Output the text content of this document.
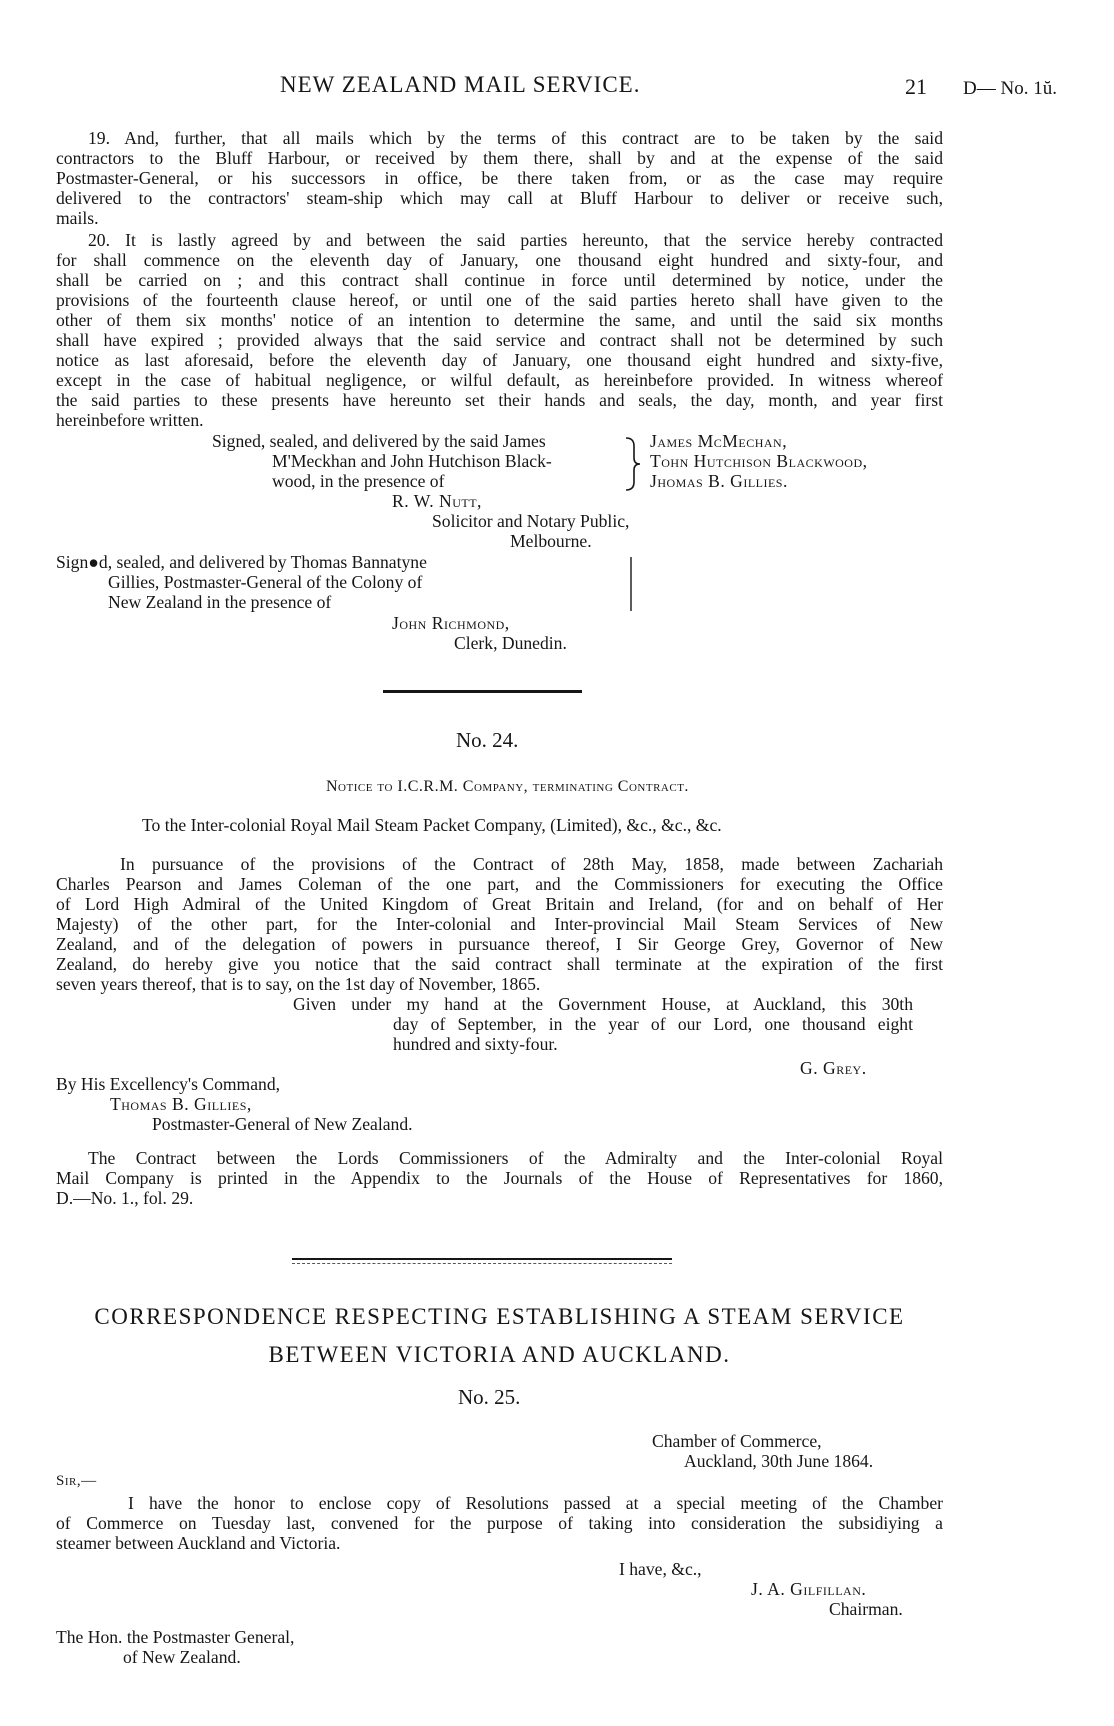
NEW ZEALAND MAIL SERVICE.	21 D— No. 1ŭ.
19. And, further, that all mails which by the terms of this contract are to be taken by the said
contractors to the Bluff Harbour, or received by them there, shall by and at the expense of the said
Postmaster-General, or his successors in office, be there taken from, or as the case may require
delivered to the contractors' steam-ship which may call at Bluff Harbour to deliver or receive such,
mails.
20. It is lastly agreed by and between the said parties hereunto, that the service hereby contracted
for shall commence on the eleventh day of January, one thousand eight hundred and sixty-four, and
shall be carried on ; and this contract shall continue in force until determined by notice, under the
provisions of the fourteenth clause hereof, or until one of the said parties hereto shall have given to the
other of them six months' notice of an intention to determine the same, and until the said six months
shall have expired ; provided always that the said service and contract shall not be determined by such
notice as last aforesaid, before the eleventh day of January, one thousand eight hundred and sixty-five,
except in the case of habitual negligence, or wilful default, as hereinbefore provided. In witness whereof
the said parties to these presents have hereunto set their hands and seals, the day, month, and year first
hereinbefore written.
Signed, sealed, and delivered by the said James
M'Meckhan and John Hutchison Black-
wood, in the presence of
James McMechan,
Tohn Hutchison Blackwood,
Jhomas B. Gillies.
R. W. Nutt,
Solicitor and Notary Public,
Melbourne.
Sign●d, sealed, and delivered by Thomas Bannatyne
Gillies, Postmaster-General of the Colony of
New Zealand in the presence of
John Richmond,
Clerk, Dunedin.
No. 24.
Notice to I.C.R.M. Company, terminating Contract.
To the Inter-colonial Royal Mail Steam Packet Company, (Limited), &c., &c., &c.
In pursuance of the provisions of the Contract of 28th May, 1858, made between Zachariah
Charles Pearson and James Coleman of the one part, and the Commissioners for executing the Office
of Lord High Admiral of the United Kingdom of Great Britain and Ireland, (for and on behalf of Her
Majesty) of the other part, for the Inter-colonial and Inter-provincial Mail Steam Services of New
Zealand, and of the delegation of powers in pursuance thereof, I Sir George Grey, Governor of New
Zealand, do hereby give you notice that the said contract shall terminate at the expiration of the first
seven years thereof, that is to say, on the 1st day of November, 1865.
Given under my hand at the Government House, at Auckland, this 30th
day of September, in the year of our Lord, one thousand eight
hundred and sixty-four.
G. Grey.
By His Excellency's Command,
Thomas B. Gillies,
Postmaster-General of New Zealand.
The Contract between the Lords Commissioners of the Admiralty and the Inter-colonial Royal
Mail Company is printed in the Appendix to the Journals of the House of Representatives for 1860,
D.—No. 1., fol. 29.
CORRESPONDENCE RESPECTING ESTABLISHING A STEAM SERVICE
BETWEEN VICTORIA AND AUCKLAND.
No. 25.
Chamber of Commerce,
Auckland, 30th June 1864.
Sir,—
I have the honor to enclose copy of Resolutions passed at a special meeting of the Chamber
of Commerce on Tuesday last, convened for the purpose of taking into consideration the subsidiying a
steamer between Auckland and Victoria.
I have, &c.,
J. A. Gilfillan.
Chairman.
The Hon. the Postmaster General,
of New Zealand.
